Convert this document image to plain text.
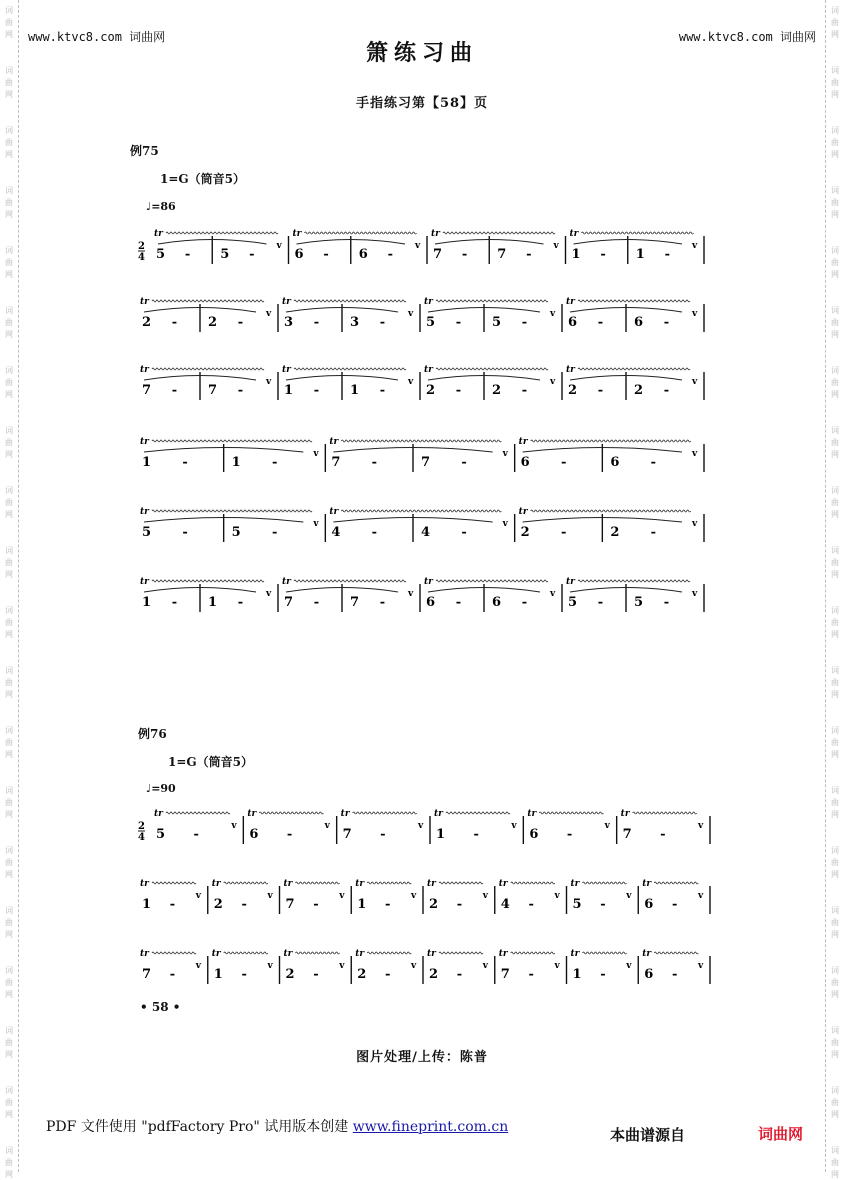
词
曲
网
词
曲
网
词
曲
网
词
曲
网
词
曲
网
词
曲
网
词
曲
网
词
曲
网
词
曲
网
词
曲
网
词
曲
网
词
曲
网
词
曲
网
词
曲
网
词
曲
网
词
曲
网
词
曲
网
词
曲
网
词
曲
网
词
曲
网
词
曲
网
词
曲
网
词
曲
网
词
曲
网
词
曲
网
词
曲
网
词
曲
网
词
曲
网
词
曲
网
词
曲
网
词
曲
网
词
曲
网
词
曲
网
词
曲
网
词
曲
网
词
曲
网
词
曲
网
词
曲
网
词
曲
网
词
曲
网
www.ktvc8.com 词曲网	www.ktvc8.com 词曲网
箫练习曲
手指练习第【58】页
例75
1=G（筒音5）
♩=86
例76
1=G（筒音5）
♩=90
2
4
tr
5 - 5 -
v
tr
6 - 6 -
v
tr
7 - 7 -
v
tr
1 - 1 -
v
tr
2 - 2 -
v
tr
3 - 3 -
v
tr
5 - 5 -
v
tr
6 - 6 -
v
tr
7 - 7 -
v
tr
1 - 1 -
v
tr
2 - 2 -
v
tr
2 - 2 -
v
tr
1 -	1 -
v
tr
7 -	7 -
v
tr
6 -	6 -
v
tr
5 -	5 -
v
tr
4 -	4 -
v
tr
2 -	2 -
v
tr
1 - 1 -
v
tr
7 - 7 -
v
tr
6 - 6 -
v
tr
5 - 5 -
v
2
4
tr
5 -
v
tr
6 -
v
tr
7 -
v
tr
1 -
v
tr
6 -
v
tr
7 -
v
tr
1 -
v
tr
2 -
v
tr
7 -
v
tr
1 -
v
tr
2 -
v
tr
4 -
v
tr
5 -
v
tr
6 -
v
tr
7 -
v
tr
1 -
v
tr
2 -
v
tr
2 -
v
tr
2 -
v
tr
7 -
v
tr
1 -
v
tr
6 -
v
• 58 •
图片处理/上传：陈普
PDF 文件使用 "pdfFactory Pro" 试用版本创建 www.fineprint.com.cn	本曲谱源自	词曲网
